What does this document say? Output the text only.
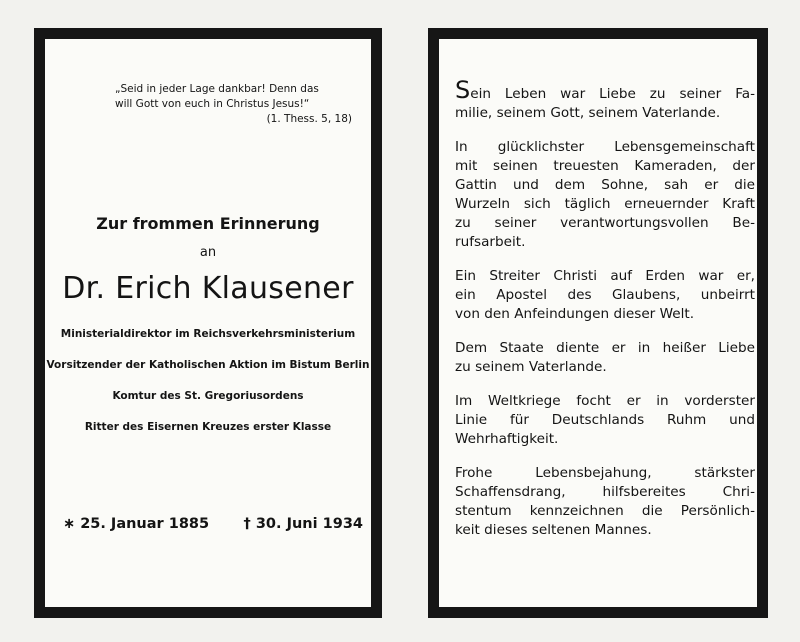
„Seid in jeder Lage dankbar! Denn das
will Gott von euch in Christus Jesus!“
(1. Thess. 5, 18)
Zur frommen Erinnerung
an
Dr. Erich Klausener
Ministerialdirektor im Reichsverkehrsministerium
Vorsitzender der Katholischen Aktion im Bistum Berlin
Komtur des St. Gregoriusordens
Ritter des Eisernen Kreuzes erster Klasse
∗ 25. Januar 1885 † 30. Juni 1934
Sein Leben war Liebe zu seiner Fa-
milie, seinem Gott, seinem Vaterlande.
In glücklichster Lebensgemeinschaft
mit seinen treuesten Kameraden, der
Gattin und dem Sohne, sah er die
Wurzeln sich täglich erneuernder Kraft
zu seiner verantwortungsvollen Be-
rufsarbeit.
Ein Streiter Christi auf Erden war er,
ein Apostel des Glaubens, unbeirrt
von den Anfeindungen dieser Welt.
Dem Staate diente er in heißer Liebe
zu seinem Vaterlande.
Im Weltkriege focht er in vorderster
Linie für Deutschlands Ruhm und
Wehrhaftigkeit.
Frohe Lebensbejahung, stärkster
Schaffensdrang, hilfsbereites Chri-
stentum kennzeichnen die Persönlich-
keit dieses seltenen Mannes.
